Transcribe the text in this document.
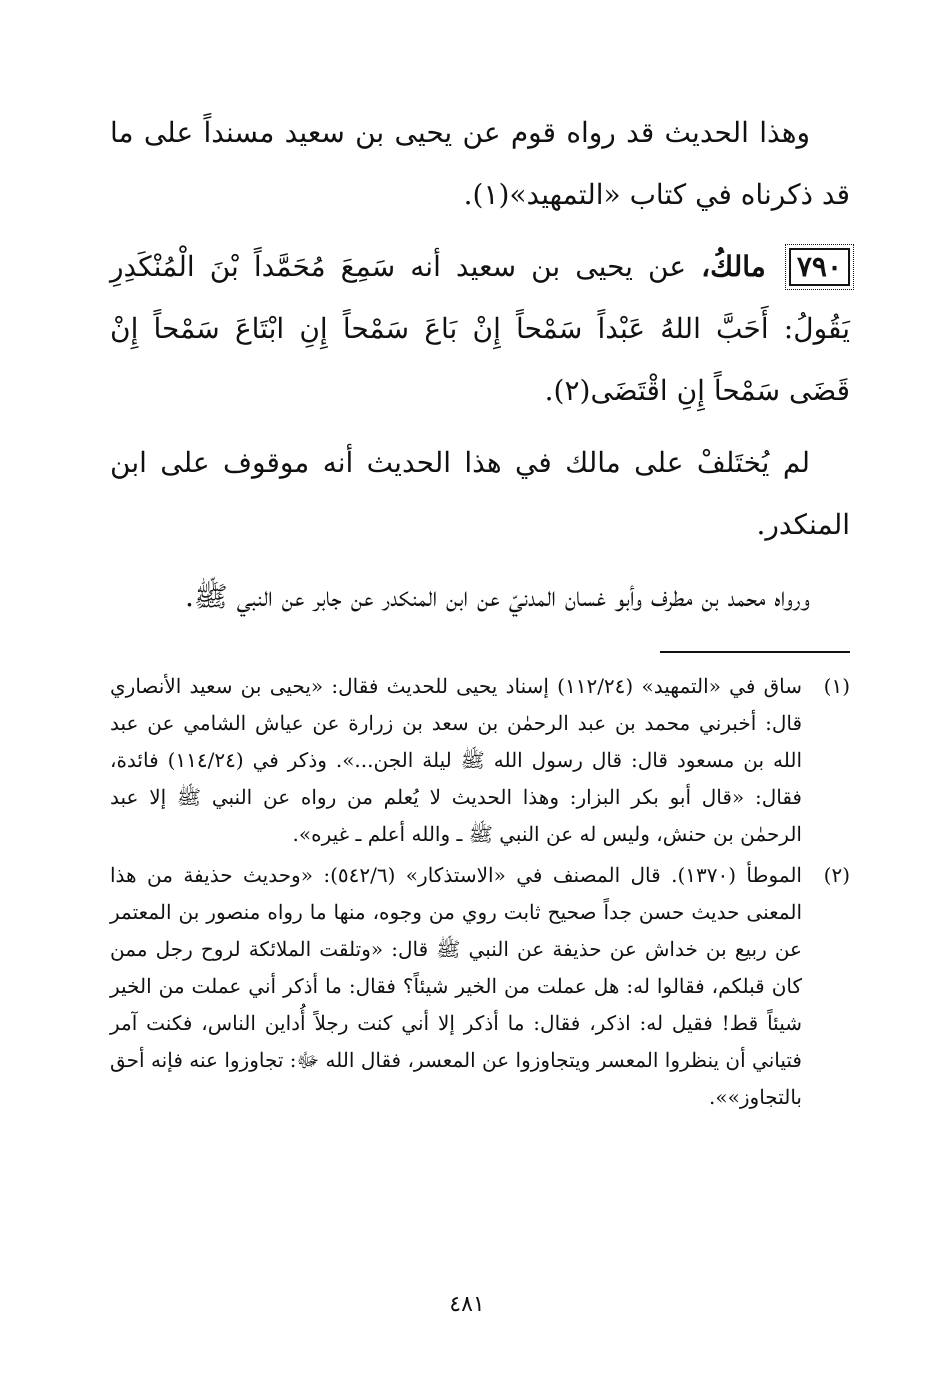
وهذا الحديث قد رواه قوم عن يحيى بن سعيد مسنداً على ما قد ذكرناه في كتاب «التمهيد»(١).

٧٩٠ مالكُ، عن يحيى بن سعيد أنه سَمِعَ مُحَمَّداً بْنَ الْمُنْكَدِرِ يَقُولُ: أَحَبَّ اللهُ عَبْداً سَمْحاً إِنْ بَاعَ سَمْحاً إِنِ ابْتَاعَ سَمْحاً إِنْ قَضَى سَمْحاً إِنِ اقْتَضَى(٢).

لم يُختَلفْ على مالك في هذا الحديث أنه موقوف على ابن المنكدر.

ورواه محمد بن مطرف وأبو غسان المدنيّ عن ابن المنكدر عن جابر عن النبي ﷺ.

(١)
ساق في «التمهيد» (١١٢/٢٤) إسناد يحيى للحديث فقال: «يحيى بن سعيد الأنصاري قال: أخبرني محمد بن عبد الرحمٰن بن سعد بن زرارة عن عياش الشامي عن عبد الله بن مسعود قال: قال رسول الله ﷺ ليلة الجن...». وذكر في (١١٤/٢٤) فائدة، فقال: «قال أبو بكر البزار: وهذا الحديث لا يُعلم من رواه عن النبي ﷺ إلا عبد الرحمٰن بن حنش، وليس له عن النبي ﷺ ـ والله أعلم ـ غيره».
(٢)
الموطأ (١٣٧٠). قال المصنف في «الاستذكار» (٥٤٢/٦): «وحديث حذيفة من هذا المعنى حديث حسن جداً صحيح ثابت روي من وجوه، منها ما رواه منصور بن المعتمر عن ربيع بن خداش عن حذيفة عن النبي ﷺ قال: «وتلقت الملائكة لروح رجل ممن كان قبلكم، فقالوا له: هل عملت من الخير شيئاً؟ فقال: ما أذكر أني عملت من الخير شيئاً قط! فقيل له: اذكر، فقال: ما أذكر إلا أني كنت رجلاً أُداين الناس، فكنت آمر فتياني أن ينظروا المعسر ويتجاوزوا عن المعسر، فقال الله ﷻ: تجاوزوا عنه فإنه أحق بالتجاوز»».
٤٨١
